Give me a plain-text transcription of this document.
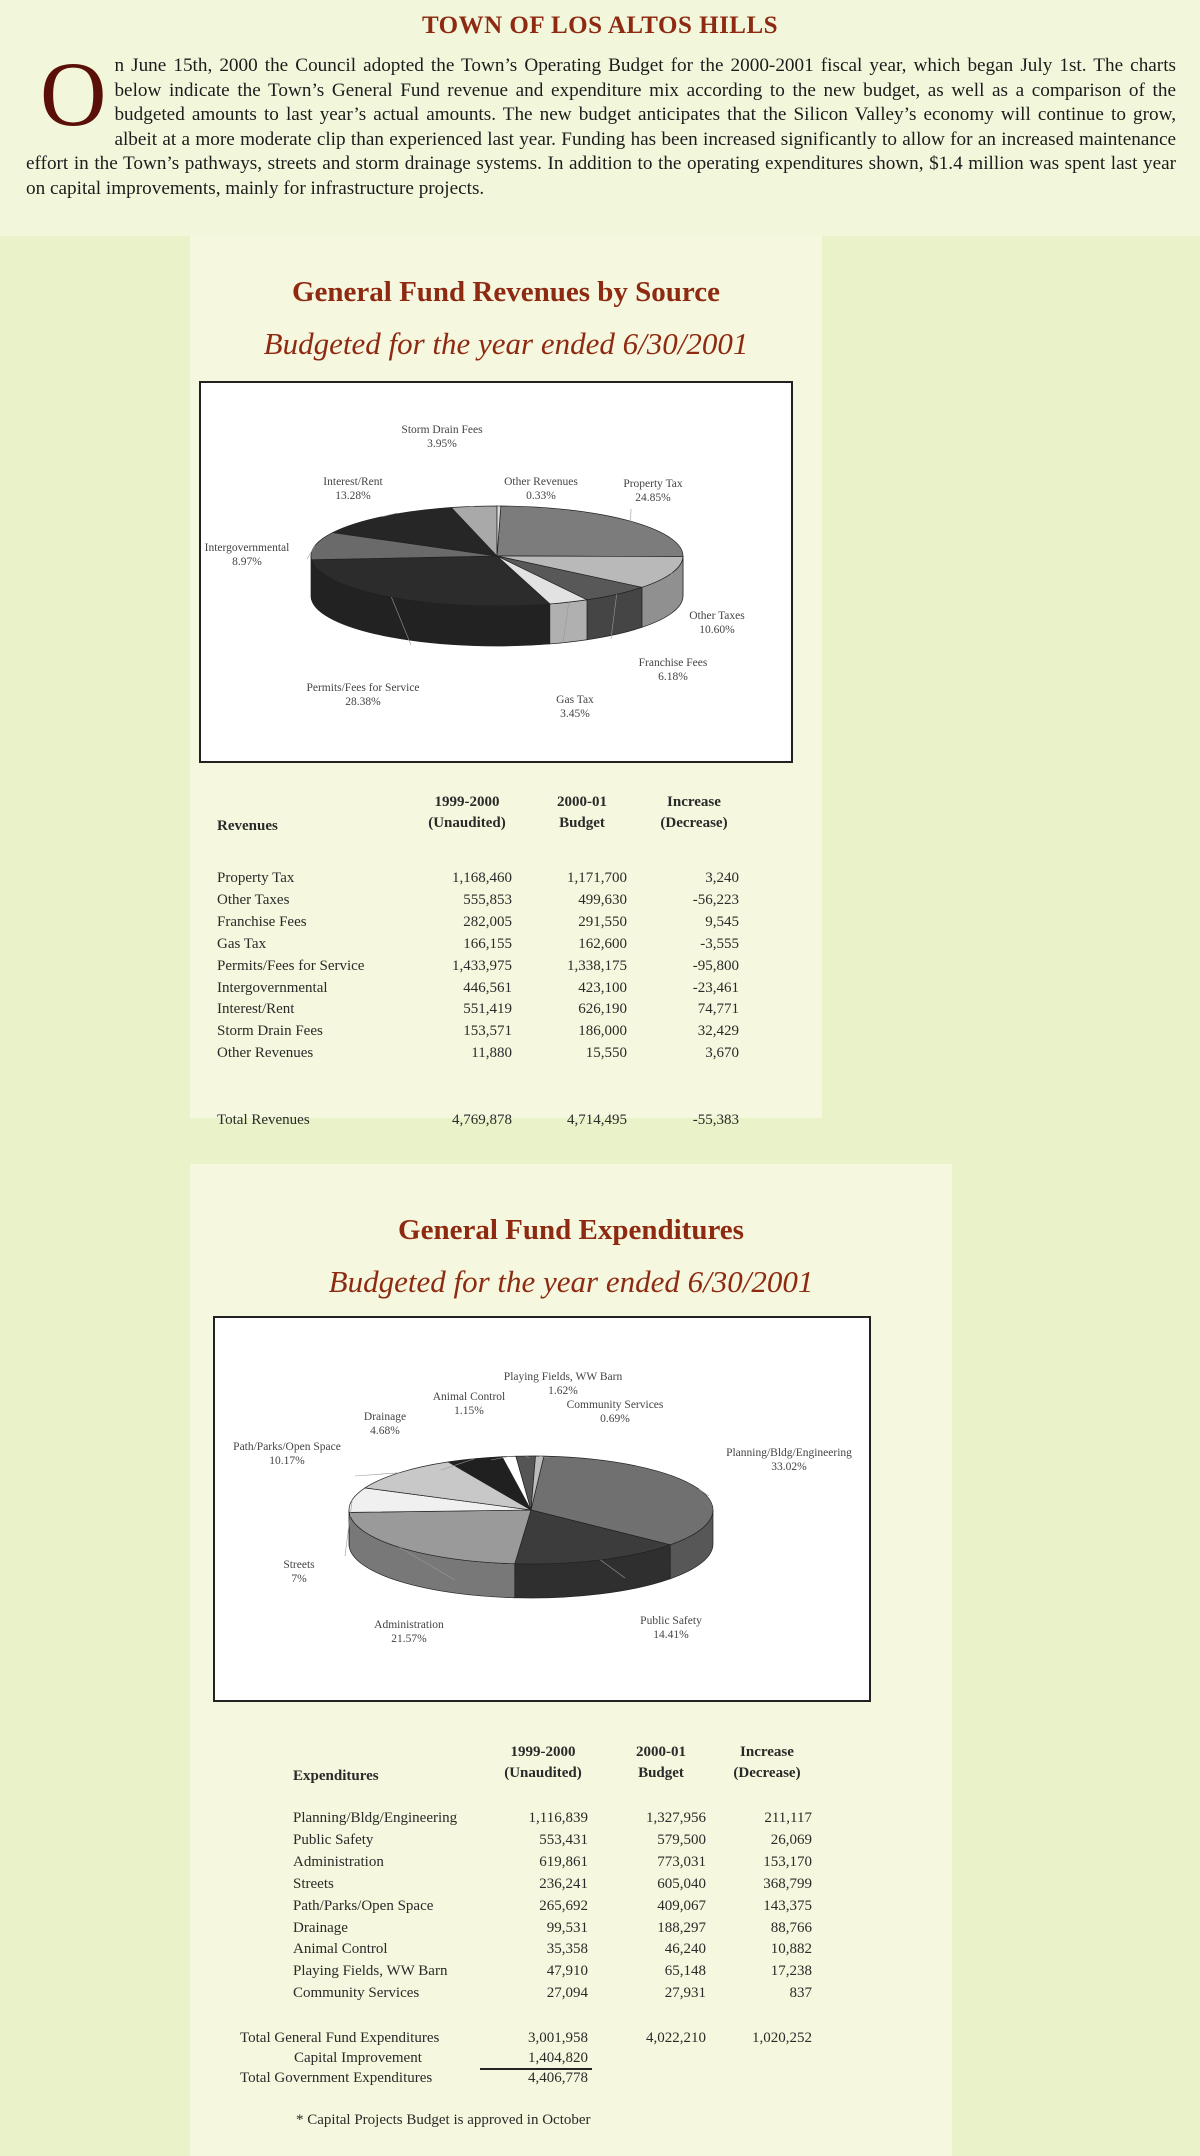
TOWN OF LOS ALTOS HILLS
On June 15th, 2000 the Council adopted the Town’s Operating Budget for the 2000-2001 fiscal year, which began July 1st. The charts below indicate the Town’s General Fund revenue and expenditure mix according to the new budget, as well as a comparison of the budgeted amounts to last year’s actual amounts. The new budget anticipates that the Silicon Valley’s economy will continue to grow, albeit at a more moderate clip than experienced last year. Funding has been increased significantly to allow for an increased maintenance effort in the Town’s pathways, streets and storm drainage systems. In addition to the operating expenditures shown, $1.4 million was spent last year on capital improvements, mainly for infrastructure projects.
General Fund Revenues by Source
Budgeted for the year ended 6/30/2001
Property Tax
24.85%
Other Taxes
10.60%
Franchise Fees
6.18%
Gas Tax
3.45%
Permits/Fees for Service
28.38%
Intergovernmental
8.97%
Interest/Rent
13.28%
Storm Drain Fees
3.95%
Other Revenues
0.33%
Revenues
1999-2000
(Unaudited)
2000-01
Budget
Increase
(Decrease)
Property Tax	1,168,460	1,171,700	3,240
Other Taxes	555,853	499,630	-56,223
Franchise Fees	282,005	291,550	9,545
Gas Tax	166,155	162,600	-3,555
Permits/Fees for Service	1,433,975	1,338,175	-95,800
Intergovernmental	446,561	423,100	-23,461
Interest/Rent	551,419	626,190	74,771
Storm Drain Fees	153,571	186,000	32,429
Other Revenues	11,880	15,550	3,670
Total Revenues	4,769,878	4,714,495	-55,383
General Fund Expenditures
Budgeted for the year ended 6/30/2001
Planning/Bldg/Engineering
33.02%
Public Safety
14.41%
Administration
21.57%
Streets
7%
Path/Parks/Open Space
10.17%
Drainage
4.68%
Animal Control
1.15%
Playing Fields, WW Barn
1.62%
Community Services
0.69%
Expenditures
1999-2000
(Unaudited)
2000-01
Budget
Increase
(Decrease)
Planning/Bldg/Engineering	1,116,839	1,327,956	211,117
Public Safety	553,431	579,500	26,069
Administration	619,861	773,031	153,170
Streets	236,241	605,040	368,799
Path/Parks/Open Space	265,692	409,067	143,375
Drainage	99,531	188,297	88,766
Animal Control	35,358	46,240	10,882
Playing Fields, WW Barn	47,910	65,148	17,238
Community Services	27,094	27,931	837
Total General Fund Expenditures	3,001,958	4,022,210	1,020,252
Capital Improvement	1,404,820
Total Government Expenditures	4,406,778
* Capital Projects Budget is approved in October
